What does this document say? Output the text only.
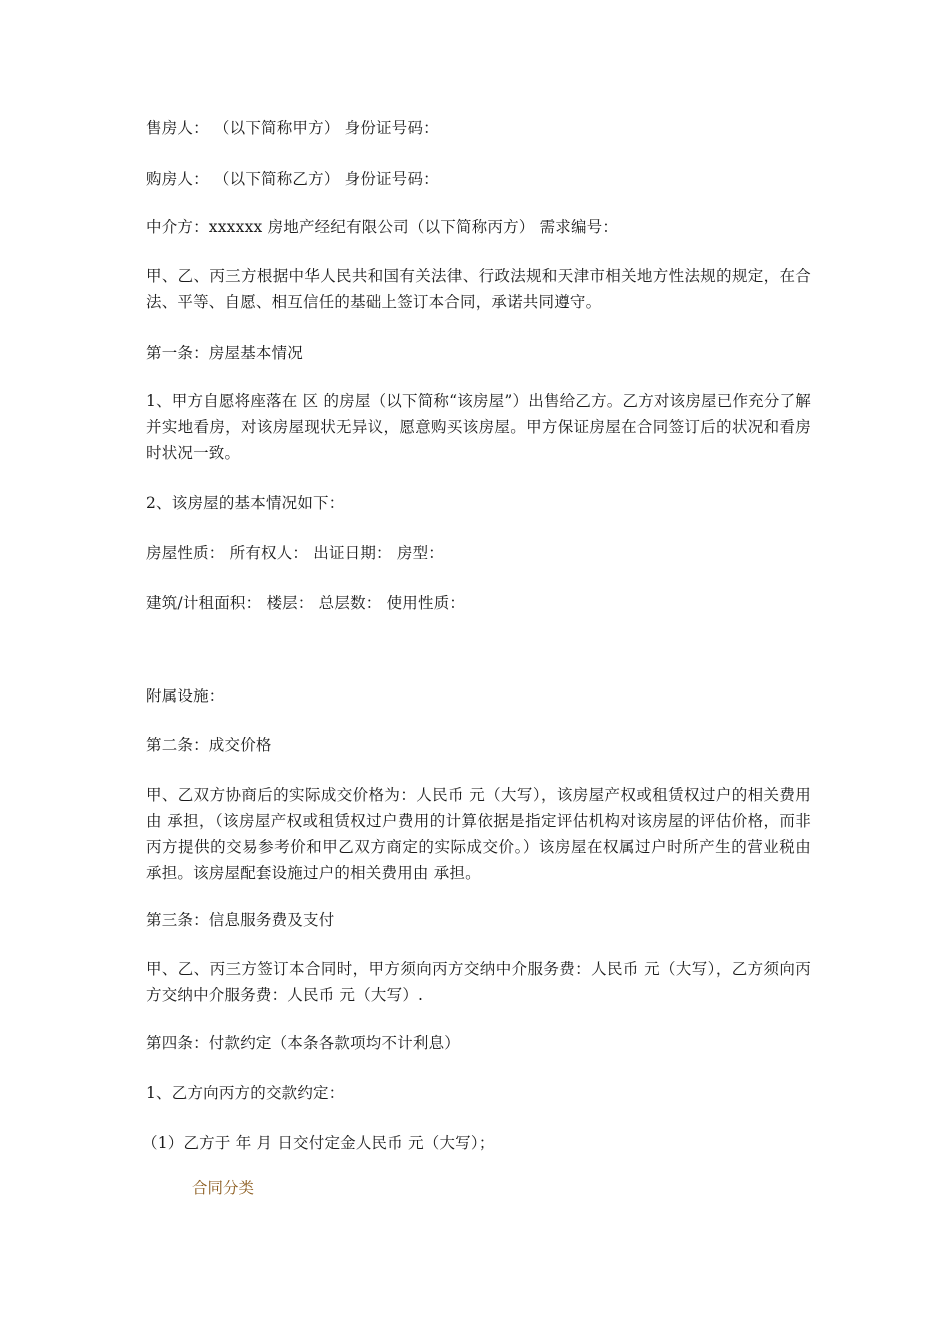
售房人： （以下简称甲方） 身份证号码：
购房人： （以下简称乙方） 身份证号码：
中介方：xxxxxx 房地产经纪有限公司（以下简称丙方） 需求编号：
甲、乙、丙三方根据中华人民共和国有关法律、行政法规和天津市相关地方性法规的规定，在合法、平等、自愿、相互信任的基础上签订本合同，承诺共同遵守。
第一条：房屋基本情况
1、甲方自愿将座落在 区 的房屋（以下简称“该房屋”）出售给乙方。乙方对该房屋已作充分了解并实地看房，对该房屋现状无异议，愿意购买该房屋。甲方保证房屋在合同签订后的状况和看房时状况一致。
2、该房屋的基本情况如下：
房屋性质： 所有权人： 出证日期： 房型：
建筑/计租面积： 楼层： 总层数： 使用性质：
附属设施：
第二条：成交价格
甲、乙双方协商后的实际成交价格为：人民币 元（大写），该房屋产权或租赁权过户的相关费用由 承担，（该房屋产权或租赁权过户费用的计算依据是指定评估机构对该房屋的评估价格，而非丙方提供的交易参考价和甲乙双方商定的实际成交价。）该房屋在权属过户时所产生的营业税由 承担。该房屋配套设施过户的相关费用由 承担。
第三条：信息服务费及支付
甲、乙、丙三方签订本合同时，甲方须向丙方交纳中介服务费：人民币 元（大写），乙方须向丙方交纳中介服务费：人民币 元（大写）.
第四条：付款约定（本条各款项均不计利息）
1、乙方向丙方的交款约定：
（1）乙方于 年 月 日交付定金人民币 元（大写）；
合同分类
